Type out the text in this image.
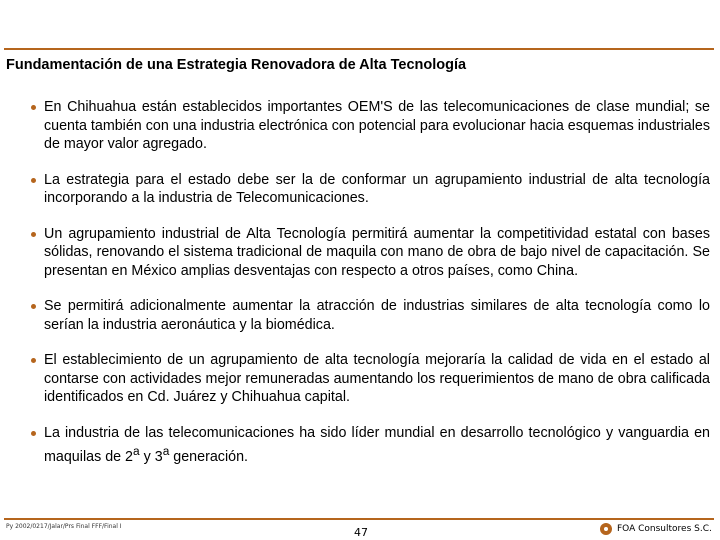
Fundamentación de una Estrategia Renovadora de Alta Tecnología
En Chihuahua están establecidos importantes OEM'S de las telecomunicaciones de clase mundial; se cuenta también con una industria electrónica con potencial para evolucionar hacia esquemas industriales de mayor valor agregado.
La estrategia para el estado debe ser la de conformar un agrupamiento industrial de alta tecnología incorporando a la industria de Telecomunicaciones.
Un agrupamiento industrial de Alta Tecnología permitirá aumentar la competitividad estatal con bases sólidas, renovando el sistema tradicional de maquila con mano de obra de bajo nivel de capacitación. Se presentan en México amplias desventajas con respecto a otros países, como China.
Se permitirá adicionalmente aumentar la atracción de industrias similares de alta tecnología como lo serían la industria aeronáutica y la biomédica.
El establecimiento de un agrupamiento de alta tecnología mejoraría la calidad de vida en el estado al contarse con actividades mejor remuneradas aumentando los requerimientos de mano de obra calificada identificados en Cd. Juárez y Chihuahua capital.
La industria de las telecomunicaciones ha sido líder mundial en desarrollo tecnológico y vanguardia en maquilas de 2$^a$ y 3$^a$ generación.
Py 2002/0217/Jalar/Prs Final FFF/Final I	47	FOA Consultores S.C.
